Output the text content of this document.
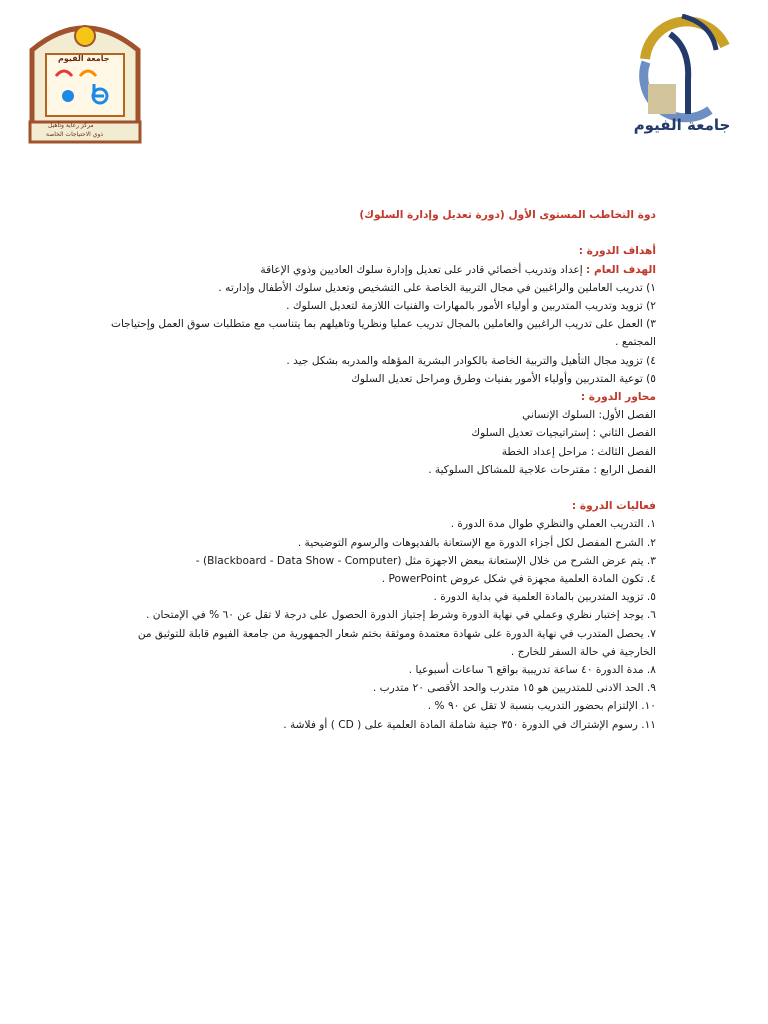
جامعة الفيوم
مركز رعاية وتأهيل
ذوي الاحتياجات الخاصة
جامعة الفيوم
دوة التخاطب المستوى الأول (دورة تعديل وإدارة السلوك)
أهداف الدورة :
الهدف العام : إعداد وتدريب أخصائي قادر على تعديل وإدارة سلوك العاديين وذوي الإعاقة
١) تدريب العاملين والراغبين في مجال التربية الخاصة على التشخيص وتعديل سلوك الأطفال وإدارته .
٢) تزويد وتدريب المتدربين و أولياء الأمور بالمهارات والفنيات اللازمة لتعديل السلوك .
٣) العمل على تدريب الراغبين والعاملين بالمجال تدريب عمليا ونظريا وتاهيلهم بما يتناسب مع متطلبات سوق العمل وإحتياجات المجتمع .
٤) تزويد مجال التأهيل والتربية الخاصة بالكوادر البشرية المؤهله والمدربه بشكل جيد .
٥) توعية المتدربين وأولياء الأمور بفنيات وطرق ومراحل تعديل السلوك
محاور الدورة :
الفصل الأول: السلوك الإنساني
الفصل الثاني : إستراتيجيات تعديل السلوك
الفصل الثالث : مراحل إعداد الخطة
الفصل الرابع : مقترحات علاجية للمشاكل السلوكية .
فعاليات الدروة :
١. التدريب العملي والنظري طوال مدة الدورة .
٢. الشرح المفصل لكل أجزاء الدورة مع الإستعانة بالفديوهات والرسوم التوضيحية .
٣. يتم عرض الشرح من خلال الإستعانة ببعض الاجهزة مثل (Blackboard - Data Show - Computer) -
٤. تكون المادة العلمية مجهزة في شكل عروض PowerPoint .
٥. تزويد المتدربين بالمادة العلمية في بداية الدورة .
٦. يوجد إختبار نظري وعملي في نهاية الدورة وشرط إجتياز الدورة الحصول على درجة لا تقل عن ٦٠ % في الإمتحان .
٧. يحصل المتدرب في نهاية الدورة على شهادة معتمدة وموثقة بختم شعار الجمهورية من جامعة الفيوم قابلة للتوثيق من الخارجية في حالة السفر للخارج .
٨. مدة الدورة ٤٠ ساعة تدريبية بواقع ٦ ساعات أسبوعيا .
٩. الحد الادنى للمتدربين هو ١٥ متدرب والحد الأقصى ٢٠ متدرب .
١٠. الإلتزام بحضور التدريب بنسبة لا تقل عن ٩٠ % .
١١. رسوم الإشتراك في الدورة ٣٥٠ جنية شاملة المادة العلمية على ( CD ) أو فلاشة .
